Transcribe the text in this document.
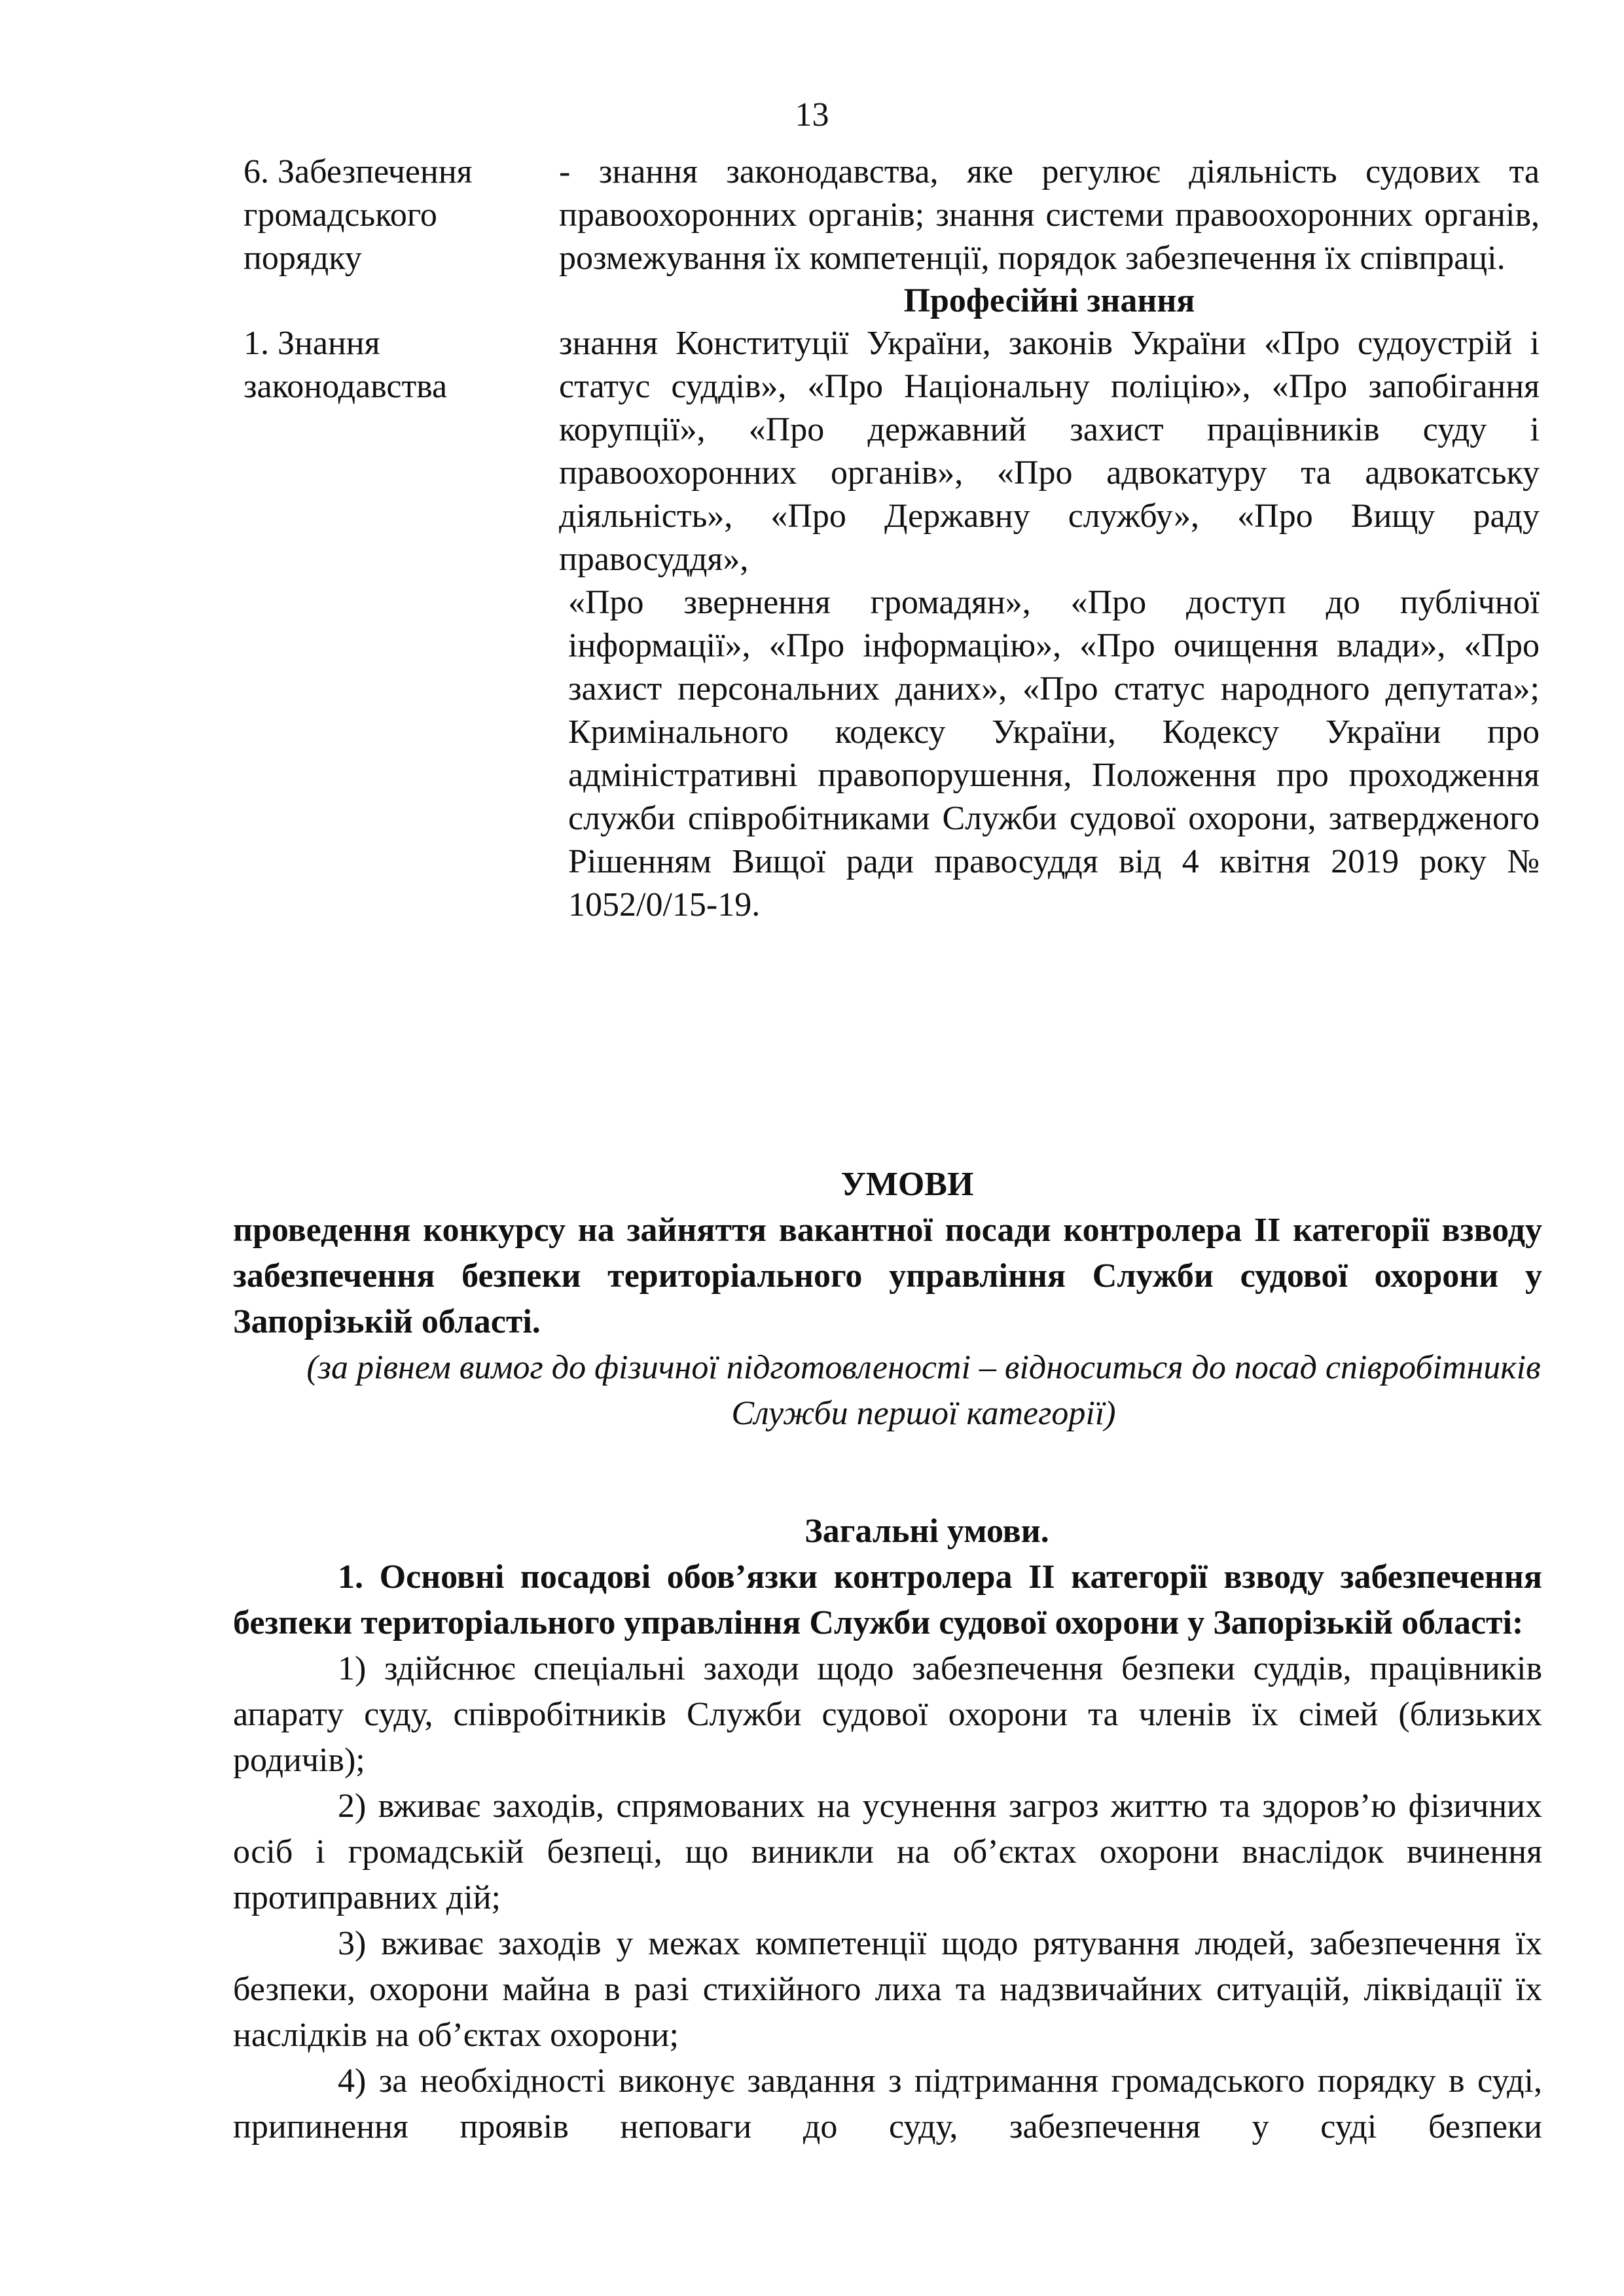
13
6. Забезпечення
громадського
порядку

- знання законодавства, яке регулює діяльність судових та правоохоронних органів; знання системи правоохоронних органів, розмежування їх компетенції, порядок забезпечення їх співпраці.

Професійні знання
1. Знання
законодавства

знання Конституції України, законів України «Про судоустрій і статус суддів», «Про Національну поліцію», «Про запобігання корупції», «Про державний захист працівників суду і правоохоронних органів», «Про адвокатуру та адвокатську діяльність», «Про Державну службу», «Про Вищу раду правосуддя»,

«Про звернення громадян», «Про доступ до публічної інформації», «Про інформацію», «Про очищення влади», «Про захист персональних даних», «Про статус народного депутата»; Кримінального кодексу України, Кодексу України про адміністративні правопорушення, Положення про проходження служби співробітниками Служби судової охорони, затвердженого Рішенням Вищої ради правосуддя від 4 квітня 2019 року № 1052/0/15-19.

УМОВИ

проведення конкурсу на зайняття вакантної посади контролера ІІ категорії взводу забезпечення безпеки територіального управління Служби судової охорони у Запорізькій області.

(за рівнем вимог до фізичної підготовленості – відноситься до посад співробітників Служби першої категорії)

Загальні умови.

1. Основні посадові обов’язки контролера ІІ категорії взводу забезпечення безпеки територіального управління Служби судової охорони у Запорізькій області:

1) здійснює спеціальні заходи щодо забезпечення безпеки суддів, працівників апарату суду, співробітників Служби судової охорони та членів їх сімей (близьких родичів);

2) вживає заходів, спрямованих на усунення загроз життю та здоров’ю фізичних осіб і громадській безпеці, що виникли на об’єктах охорони внаслідок вчинення протиправних дій;

3) вживає заходів у межах компетенції щодо рятування людей, забезпечення їх безпеки, охорони майна в разі стихійного лиха та надзвичайних ситуацій, ліквідації їх наслідків на об’єктах охорони;

4) за необхідності виконує завдання з підтримання громадського порядку в суді, припинення проявів неповаги до суду, забезпечення у суді безпеки
